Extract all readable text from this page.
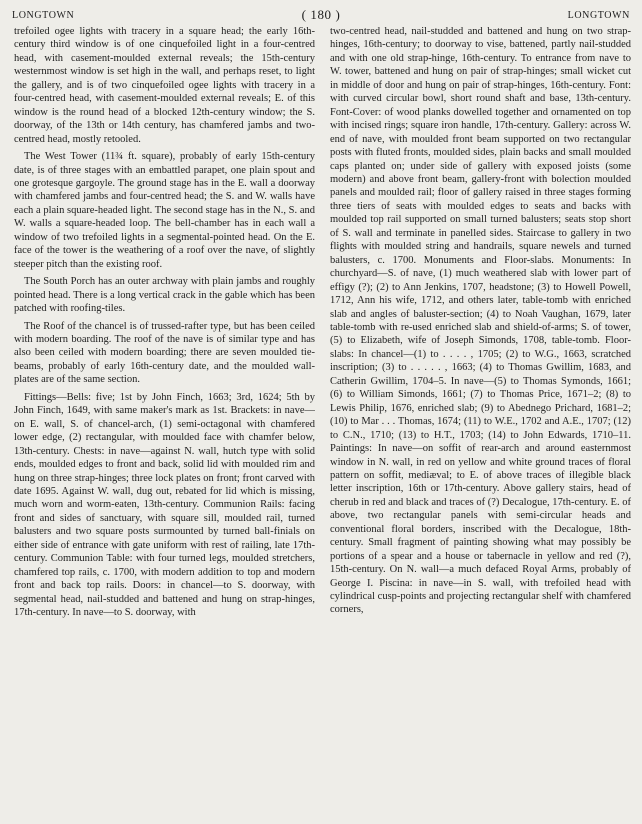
LONGTOWN	( 180 )	LONGTOWN

trefoiled ogee lights with tracery in a square head; the early 16th-century third window is of one cinquefoiled light in a four-centred head, with casement-moulded external reveals; the 15th-century westernmost window is set high in the wall, and perhaps reset, to light the gallery, and is of two cinquefoiled ogee lights with tracery in a four-centred head, with casement-moulded external reveals; E. of this window is the round head of a blocked 12th-century window; the S. doorway, of the 13th or 14th century, has chamfered jambs and two-centred head, mostly retooled.

The West Tower (11¾ ft. square), probably of early 15th-century date, is of three stages with an embattled parapet, one plain spout and one grotesque gargoyle. The ground stage has in the E. wall a doorway with chamfered jambs and four-centred head; the S. and W. walls have each a plain square-headed light. The second stage has in the N., S. and W. walls a square-headed loop. The bell-chamber has in each wall a window of two trefoiled lights in a segmental-pointed head. On the E. face of the tower is the weathering of a roof over the nave, of slightly steeper pitch than the existing roof.

The South Porch has an outer archway with plain jambs and roughly pointed head. There is a long vertical crack in the gable which has been patched with roofing-tiles.

The Roof of the chancel is of trussed-rafter type, but has been ceiled with modern boarding. The roof of the nave is of similar type and has also been ceiled with modern boarding; there are seven moulded tie-beams, probably of early 16th-century date, and the moulded wall-plates are of the same section.

Fittings—Bells: five; 1st by John Finch, 1663; 3rd, 1624; 5th by John Finch, 1649, with same maker's mark as 1st. Brackets: in nave—on E. wall, S. of chancel-arch, (1) semi-octagonal with chamfered lower edge, (2) rectangular, with moulded face with chamfer below, 13th-century. Chests: in nave—against N. wall, hutch type with solid ends, moulded edges to front and back, solid lid with moulded rim and hung on three strap-hinges; three lock plates on front; front carved with date 1695. Against W. wall, dug out, rebated for lid which is missing, much worn and worm-eaten, 13th-century. Communion Rails: facing front and sides of sanctuary, with square sill, moulded rail, turned balusters and two square posts surmounted by turned ball-finials on either side of entrance with gate uniform with rest of railing, late 17th-century. Communion Table: with four turned legs, moulded stretchers, chamfered top rails, c. 1700, with modern addition to top and modern front and back top rails. Doors: in chancel—to S. doorway, with segmental head, nail-studded and battened and hung on strap-hinges, 17th-century. In nave—to S. doorway, with

two-centred head, nail-studded and battened and hung on two strap-hinges, 16th-century; to doorway to vise, battened, partly nail-studded and with one old strap-hinge, 16th-century. To entrance from nave to W. tower, battened and hung on pair of strap-hinges; small wicket cut in middle of door and hung on pair of strap-hinges, 16th-century. Font: with curved circular bowl, short round shaft and base, 13th-century. Font-Cover: of wood planks dowelled together and ornamented on top with incised rings; square iron handle, 17th-century. Gallery: across W. end of nave, with moulded front beam supported on two rectangular posts with fluted fronts, moulded sides, plain backs and small moulded caps planted on; under side of gallery with exposed joists (some modern) and above front beam, gallery-front with bolection moulded panels and moulded rail; floor of gallery raised in three stages forming three tiers of seats with moulded edges to seats and backs with moulded top rail supported on small turned balusters; seats stop short of S. wall and terminate in panelled sides. Staircase to gallery in two flights with moulded string and handrails, square newels and turned balusters, c. 1700. Monuments and Floor-slabs. Monuments: In churchyard—S. of nave, (1) much weathered slab with lower part of effigy (?); (2) to Ann Jenkins, 1707, headstone; (3) to Howell Powell, 1712, Ann his wife, 1712, and others later, table-tomb with enriched slab and angles of baluster-section; (4) to Noah Vaughan, 1679, later table-tomb with re-used enriched slab and shield-of-arms; S. of tower, (5) to Elizabeth, wife of Joseph Simonds, 1708, table-tomb. Floor-slabs: In chancel—(1) to . . . . , 1705; (2) to W.G., 1663, scratched inscription; (3) to . . . . . , 1663; (4) to Thomas Gwillim, 1683, and Catherin Gwillim, 1704–5. In nave—(5) to Thomas Symonds, 1661; (6) to William Simonds, 1661; (7) to Thomas Price, 1671–2; (8) to Lewis Philip, 1676, enriched slab; (9) to Abednego Prichard, 1681–2; (10) to Mar . . . Thomas, 1674; (11) to W.E., 1702 and A.E., 1707; (12) to C.N., 1710; (13) to H.T., 1703; (14) to John Edwards, 1710–11. Paintings: In nave—on soffit of rear-arch and around easternmost window in N. wall, in red on yellow and white ground traces of floral pattern on soffit, mediæval; to E. of above traces of illegible black letter inscription, 16th or 17th-century. Above gallery stairs, head of cherub in red and black and traces of (?) Decalogue, 17th-century. E. of above, two rectangular panels with semi-circular heads and conventional floral borders, inscribed with the Decalogue, 18th-century. Small fragment of painting showing what may possibly be portions of a spear and a house or tabernacle in yellow and red (?), 15th-century. On N. wall—a much defaced Royal Arms, probably of George I. Piscina: in nave—in S. wall, with trefoiled head with cylindrical cusp-points and projecting rectangular shelf with chamfered corners,
